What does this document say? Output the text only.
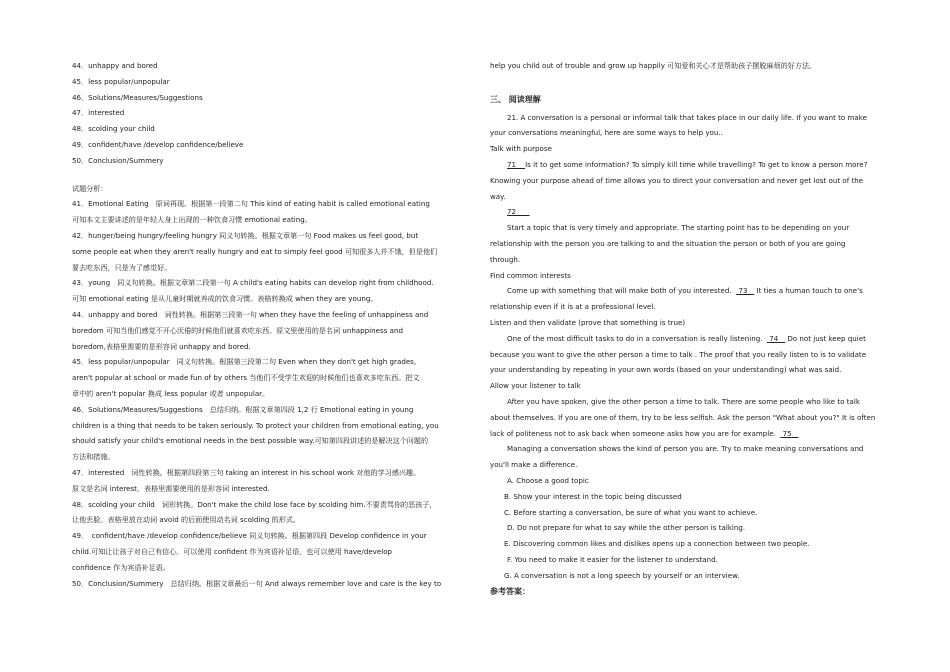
44．unhappy and bored
45．less popular/unpopular
46．Solutions/Measures/Suggestions
47．interested
48．scolding your child
49．confident/have /develop confidence/believe
50．Conclusion/Summery
试题分析：
41．Emotional Eating　原词再现。根据第一段第二句 This kind of eating habit is called emotional eating
可知本文主要讲述的是年轻人身上出现的一种饮食习惯 emotional eating。
42．hunger/being hungry/feeling hungry 同义句转换。根据文章第一句 Food makes us feel good, but
some people eat when they aren't really hungry and eat to simply feel good 可知很多人并不饿，但是他们
要去吃东西，只是为了感觉好。
43．young　同义句转换。根据文章第二段第一句 A child's eating habits can develop right from childhood.
可知 emotional eating 是从儿童时期就养成的饮食习惯。表格转换成 when they are young。
44．unhappy and bored　词性转换。根据第三段第一句 when they have the feeling of unhappiness and
boredom 可知当他们感觉不开心厌倦的时候他们就喜欢吃东西。原文里使用的是名词 unhappiness and
boredom,表格里需要的是形容词 unhappy and bored.
45．less popular/unpopular　同义句转换。根据第三段第二句 Even when they don't get high grades,
aren't popular at school or made fun of by others 当他们不受学生欢迎的时候他们也喜欢多吃东西。把文
章中的 aren't popular 换成 less popular 或者 unpopular。
46．Solutions/Measures/Suggestions　总结归纳。根据文章第四段 1,2 行 Emotional eating in young
children is a thing that needs to be taken seriously. To protect your children from emotional eating, you
should satisfy your child's emotional needs in the best possible way.可知第四段讲述的是解决这个问题的
方法和措施。
47．interested　词性转换。根据第四段第三句 taking an interest in his school work 对他的学习感兴趣。
原文是名词 interest，表格里需要使用的是形容词 interested.
48．scolding your child　词形转换。Don't make the child lose face by scolding him.不要责骂你的恶孩子，
让他丢脸。表格里放在动词 avoid 的后面使用动名词 scolding 的形式。
49．　confident/have /develop confidence/believe 同义句转换。根据第四段 Develop confidence in your
child.可知让让孩子对自己有信心。可以使用 confident 作为宾语补足语，也可以使用 have/develop
confidence 作为宾语补足语。
50．Conclusion/Summery　总结归纳。根据文章最后一句 And always remember love and care is the key to
help you child out of trouble and grow up happily 可知爱和关心才是帮助孩子摆脱麻烦的好方法。
三、 阅读理解
21. A conversation is a personal or informal talk that takes place in our daily life. If you want to make
your conversations meaningful, here are some ways to help you..
Talk with purpose
71 Is it to get some information? To simply kill time while travelling? To get to know a person more?
Knowing your purpose ahead of time allows you to direct your conversation and never get lost out of the
way.
72
Start a topic that is very timely and appropriate. The starting point has to be depending on your
relationship with the person you are talking to and the situation the person or both of you are going
through.
Find common interests
Come up with something that will make both of you interested. 73 It ties a human touch to one's
relationship even if it is at a professional level.
Listen and then validate (prove that something is true)
One of the most difficult tasks to do in a conversation is really listening. 74 Do not just keep quiet
because you want to give the other person a time to talk . The proof that you really listen to is to validate
your understanding by repeating in your own words (based on your understanding) what was said.
Allow your listener to talk
After you have spoken, give the other person a time to talk. There are some people who like to talk
about themselves. If you are one of them, try to be less selfish. Ask the person "What about you?" It is often
lack of politeness not to ask back when someone asks how you are for example. 75
Managing a conversation shows the kind of person you are. Try to make meaning conversations and
you'll make a difference.
A. Choose a good topic
B. Show your interest in the topic being discussed
C. Before starting a conversation, be sure of what you want to achieve.
D. Do not prepare for what to say while the other person is talking.
E. Discovering common likes and dislikes opens up a connection between two people.
F. You need to make it easier for the listener to understand.
G. A conversation is not a long speech by yourself or an interview.
参考答案：
